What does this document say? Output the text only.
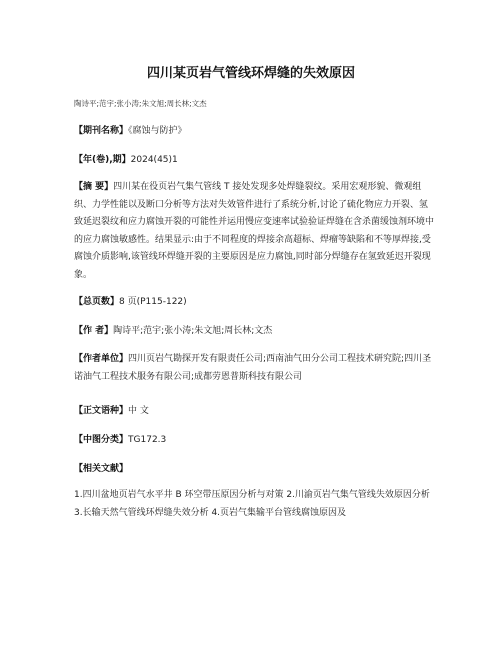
四川某页岩气管线环焊缝的失效原因
陶诗平;范宇;张小涛;朱文旭;周长林;文杰
【期刊名称】《腐蚀与防护》
【年(卷),期】2024(45)1
【摘 要】四川某在役页岩气集气管线 T 接处发现多处焊缝裂纹。采用宏观形貌、微观组织、力学性能以及断口分析等方法对失效管件进行了系统分析,讨论了硫化物应力开裂、氢致延迟裂纹和应力腐蚀开裂的可能性并运用慢应变速率试验验证焊缝在含杀菌缓蚀剂环境中的应力腐蚀敏感性。结果显示:由于不同程度的焊接余高超标、焊瘤等缺陷和不等厚焊接,受腐蚀介质影响,该管线环焊缝开裂的主要原因是应力腐蚀,同时部分焊缝存在氢致延迟开裂现象。
【总页数】8 页(P115-122)
【作 者】陶诗平;范宇;张小涛;朱文旭;周长林;文杰
【作者单位】四川页岩气勘探开发有限责任公司;西南油气田分公司工程技术研究院;四川圣诺油气工程技术服务有限公司;成都劳恩普斯科技有限公司
【正文语种】中 文
【中图分类】TG172.3
【相关文献】
1.四川盆地页岩气水平井 B 环空带压原因分析与对策 2.川渝页岩气集气管线失效原因分析 3.长输天然气管线环焊缝失效分析 4.页岩气集输平台管线腐蚀原因及
